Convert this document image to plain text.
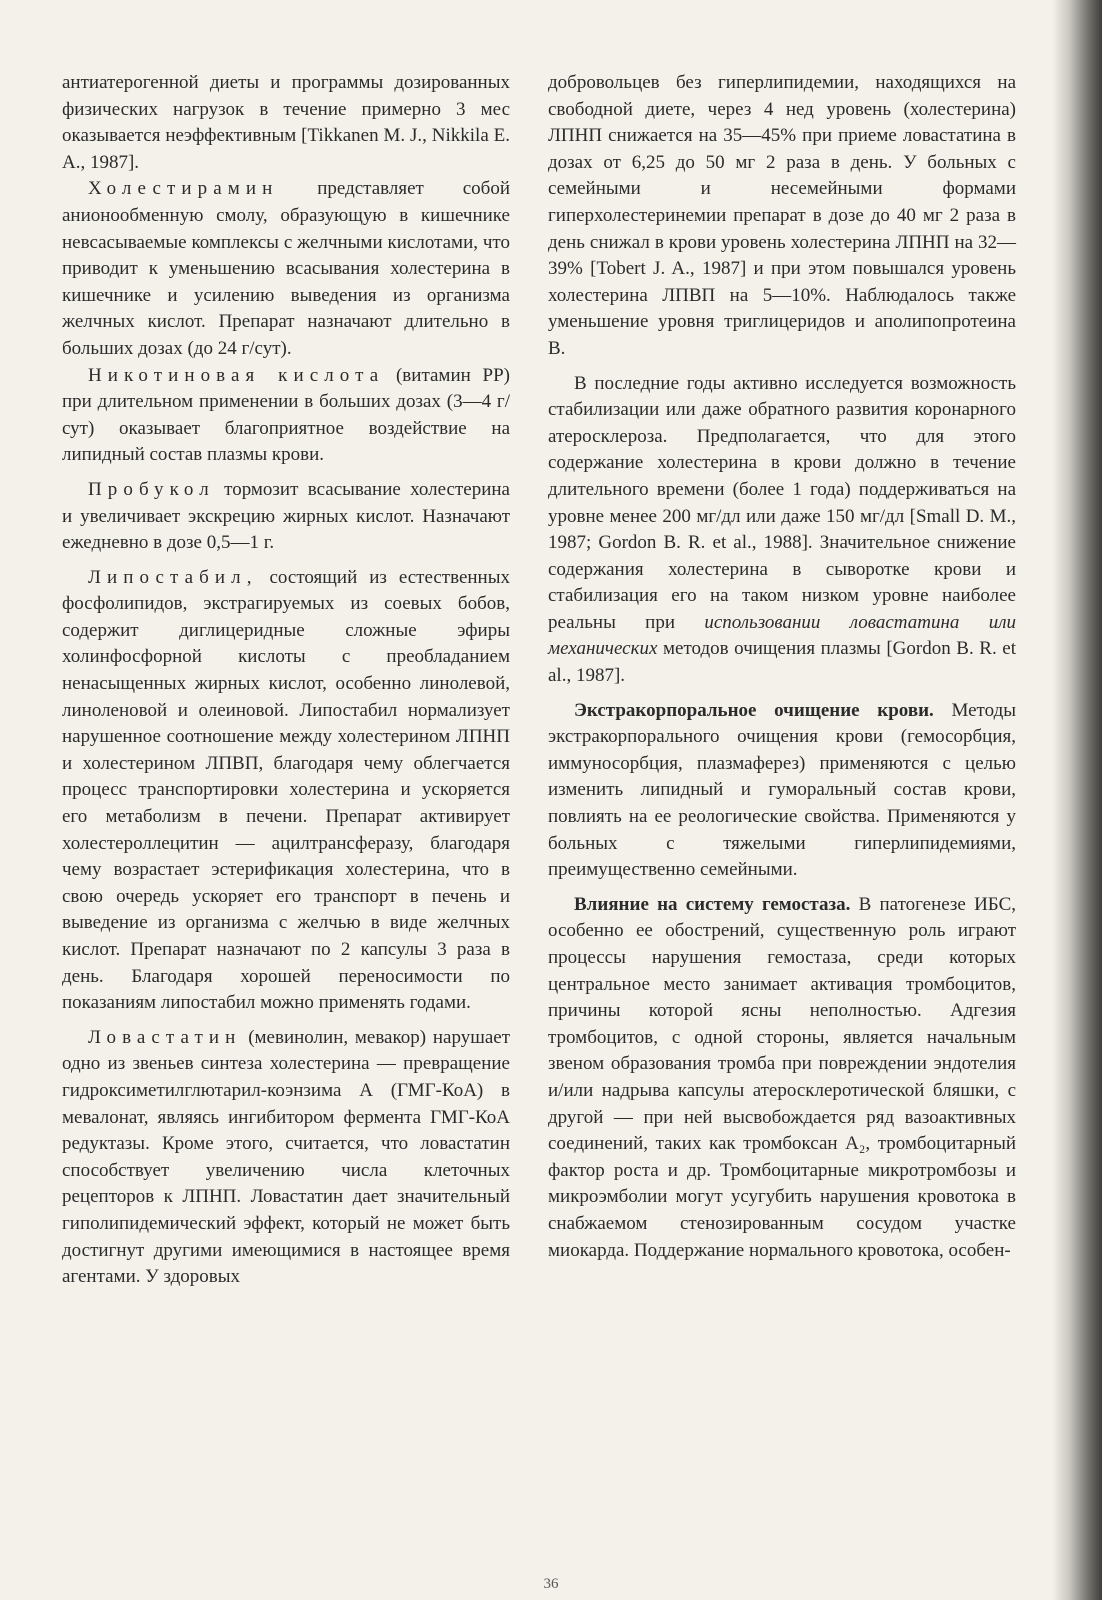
антиатерогенной диеты и программы дозированных физических нагрузок в течение примерно 3 мес оказывается неэффективным [Tikkanen M. J., Nikkila E. A., 1987].

Холестирамин представляет собой анионообменную смолу, образующую в кишечнике невсасываемые комплексы с желчными кислотами, что приводит к уменьшению всасывания холестерина в кишечнике и усилению выведения из организма желчных кислот. Препарат назначают длительно в больших дозах (до 24 г/сут).

Никотиновая кислота (витамин PP) при длительном применении в больших дозах (3—4 г/сут) оказывает благоприятное воздействие на липидный состав плазмы крови.

Пробукол тормозит всасывание холестерина и увеличивает экскрецию жирных кислот. Назначают ежедневно в дозе 0,5—1 г.

Липостабил, состоящий из естественных фосфолипидов, экстрагируемых из соевых бобов, содержит диглицеридные сложные эфиры холинфосфорной кислоты с преобладанием ненасыщенных жирных кислот, особенно линолевой, линоленовой и олеиновой. Липостабил нормализует нарушенное соотношение между холестерином ЛПНП и холестерином ЛПВП, благодаря чему облегчается процесс транспортировки холестерина и ускоряется его метаболизм в печени. Препарат активирует холестероллецитин — ацилтрансферазу, благодаря чему возрастает эстерификация холестерина, что в свою очередь ускоряет его транспорт в печень и выведение из организма с желчью в виде желчных кислот. Препарат назначают по 2 капсулы 3 раза в день. Благодаря хорошей переносимости по показаниям липостабил можно применять годами.

Ловастатин (мевинолин, мевакор) нарушает одно из звеньев синтеза холестерина — превращение гидроксиметилглютарил-коэнзима А (ГМГ-КоА) в мевалонат, являясь ингибитором фермента ГМГ-КоА редуктазы. Кроме этого, считается, что ловастатин способствует увеличению числа клеточных рецепторов к ЛПНП. Ловастатин дает значительный гиполипидемический эффект, который не может быть достигнут другими имеющимися в настоящее время агентами. У здоровых

добровольцев без гиперлипидемии, находящихся на свободной диете, через 4 нед уровень (холестерина) ЛПНП снижается на 35—45% при приеме ловастатина в дозах от 6,25 до 50 мг 2 раза в день. У больных с семейными и несемейными формами гиперхолестеринемии препарат в дозе до 40 мг 2 раза в день снижал в крови уровень холестерина ЛПНП на 32—39% [Tobert J. A., 1987] и при этом повышался уровень холестерина ЛПВП на 5—10%. Наблюдалось также уменьшение уровня триглицеридов и аполипопротеина В.

В последние годы активно исследуется возможность стабилизации или даже обратного развития коронарного атеросклероза. Предполагается, что для этого содержание холестерина в крови должно в течение длительного времени (более 1 года) поддерживаться на уровне менее 200 мг/дл или даже 150 мг/дл [Small D. M., 1987; Gordon B. R. et al., 1988]. Значительное снижение содержания холестерина в сыворотке крови и стабилизация его на таком низком уровне наиболее реальны при использовании ловастатина или механических методов очищения плазмы [Gordon B. R. et al., 1987].

Экстракорпоральное очищение крови. Методы экстракорпорального очищения крови (гемосорбция, иммуносорбция, плазмаферез) применяются с целью изменить липидный и гуморальный состав крови, повлиять на ее реологические свойства. Применяются у больных с тяжелыми гиперлипидемиями, преимущественно семейными.

Влияние на систему гемостаза. В патогенезе ИБС, особенно ее обострений, существенную роль играют процессы нарушения гемостаза, среди которых центральное место занимает активация тромбоцитов, причины которой ясны неполностью. Адгезия тромбоцитов, с одной стороны, является начальным звеном образования тромба при повреждении эндотелия и/или надрыва капсулы атеросклеротической бляшки, с другой — при ней высвобождается ряд вазоактивных соединений, таких как тромбоксан А₂, тромбоцитарный фактор роста и др. Тромбоцитарные микротромбозы и микроэмболии могут усугубить нарушения кровотока в снабжаемом стенозированным сосудом участке миокарда. Поддержание нормального кровотока, особен-

36
